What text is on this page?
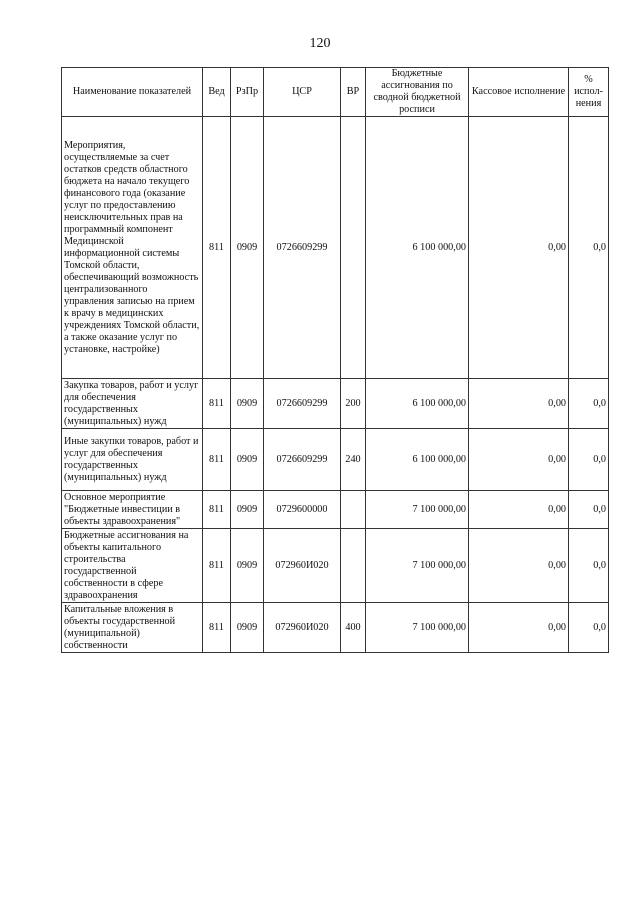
120
Наименование показателей	Вед	РзПр	ЦСР	ВР	Бюджетные ассигнования по сводной бюджетной росписи	Кассовое исполнение	% испол-нения
Мероприятия, осуществляемые за счет остатков средств областного бюджета на начало текущего финансового года (оказание услуг по предоставлению неисключительных прав на программный компонент Медицинской информационной системы Томской области, обеспечивающий возможность централизованного управления записью на прием к врачу в медицинских учреждениях Томской области, а также оказание услуг по установке, настройке)	811	0909	0726609299		6 100 000,00	0,00	0,0
Закупка товаров, работ и услуг для обеспечения государственных (муниципальных) нужд	811	0909	0726609299	200	6 100 000,00	0,00	0,0
Иные закупки товаров, работ и услуг для обеспечения государственных (муниципальных) нужд	811	0909	0726609299	240	6 100 000,00	0,00	0,0
Основное мероприятие "Бюджетные инвестиции в объекты здравоохранения"	811	0909	0729600000		7 100 000,00	0,00	0,0
Бюджетные ассигнования на объекты капитального строительства государственной собственности в сфере здравоохранения	811	0909	072960И020		7 100 000,00	0,00	0,0
Капитальные вложения в объекты государственной (муниципальной) собственности	811	0909	072960И020	400	7 100 000,00	0,00	0,0
